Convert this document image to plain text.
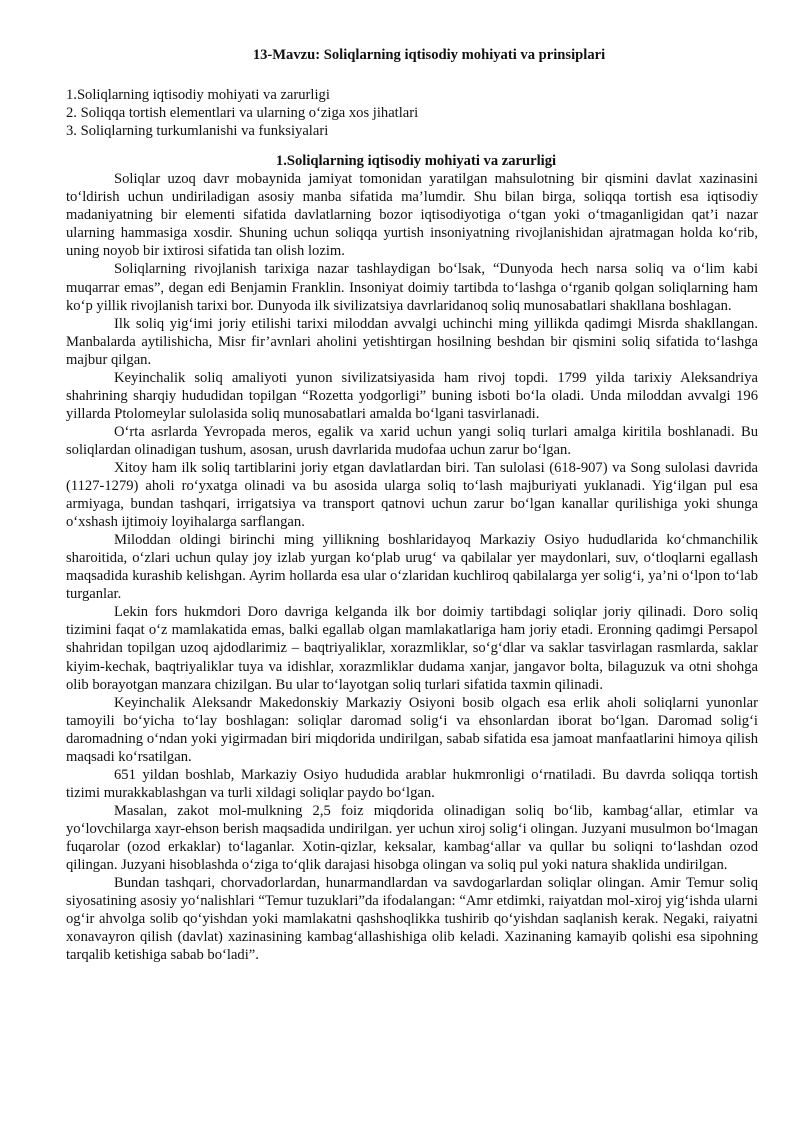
13-Mavzu: Soliqlarning iqtisodiy mohiyati va prinsiplari
1.Soliqlarning iqtisodiy mohiyati va zarurligi
2. Soliqqa tortish elementlari va ularning o‘ziga xos jihatlari
3. Soliqlarning turkumlanishi va funksiyalari
1.Soliqlarning iqtisodiy mohiyati va zarurligi

Soliqlar uzoq davr mobaynida jamiyat tomonidan yaratilgan mahsulotning bir qismini davlat xazinasini to‘ldirish uchun undiriladigan asosiy manba sifatida ma’lumdir. Shu bilan birga, soliqqa tortish esa iqtisodiy madaniyatning bir elementi sifatida davlatlarning bozor iqtisodiyotiga o‘tgan yoki o‘tmaganligidan qat’i nazar ularning hammasiga xosdir. Shuning uchun soliqqa yurtish insoniyatning rivojlanishidan ajratmagan holda ko‘rib, uning noyob bir ixtirosi sifatida tan olish lozim.

Soliqlarning rivojlanish tarixiga nazar tashlaydigan bo‘lsak, “Dunyoda hech narsa soliq va o‘lim kabi muqarrar emas”, degan edi Benjamin Franklin. Insoniyat doimiy tartibda to‘lashga o‘rganib qolgan soliqlarning ham ko‘p yillik rivojlanish tarixi bor. Dunyoda ilk sivilizatsiya davrlaridanoq soliq munosabatlari shakllana boshlagan.

Ilk soliq yig‘imi joriy etilishi tarixi miloddan avvalgi uchinchi ming yillikda qadimgi Misrda shakllangan. Manbalarda aytilishicha, Misr fir’avnlari aholini yetishtirgan hosilning beshdan bir qismini soliq sifatida to‘lashga majbur qilgan.

Keyinchalik soliq amaliyoti yunon sivilizatsiyasida ham rivoj topdi. 1799 yilda tarixiy Aleksandriya shahrining sharqiy hududidan topilgan “Rozetta yodgorligi” buning isboti bo‘la oladi. Unda miloddan avvalgi 196 yillarda Ptolomeylar sulolasida soliq munosabatlari amalda bo‘lgani tasvirlanadi.

O‘rta asrlarda Yevropada meros, egalik va xarid uchun yangi soliq turlari amalga kiritila boshlanadi. Bu soliqlardan olinadigan tushum, asosan, urush davrlarida mudofaa uchun zarur bo‘lgan.

Xitoy ham ilk soliq tartiblarini joriy etgan davlatlardan biri. Tan sulolasi (618-907) va Song sulolasi davrida (1127-1279) aholi ro‘yxatga olinadi va bu asosida ularga soliq to‘lash majburiyati yuklanadi. Yig‘ilgan pul esa armiyaga, bundan tashqari, irrigatsiya va transport qatnovi uchun zarur bo‘lgan kanallar qurilishiga yoki shunga o‘xshash ijtimoiy loyihalarga sarflangan.

Miloddan oldingi birinchi ming yillikning boshlaridayoq Markaziy Osiyo hududlarida ko‘chmanchilik sharoitida, o‘zlari uchun qulay joy izlab yurgan ko‘plab urug‘ va qabilalar yer maydonlari, suv, o‘tloqlarni egallash maqsadida kurashib kelishgan. Ayrim hollarda esa ular o‘zlaridan kuchliroq qabilalarga yer solig‘i, ya’ni o‘lpon to‘lab turganlar.

Lekin fors hukmdori Doro davriga kelganda ilk bor doimiy tartibdagi soliqlar joriy qilinadi. Doro soliq tizimini faqat o‘z mamlakatida emas, balki egallab olgan mamlakatlariga ham joriy etadi. Eronning qadimgi Persapol shahridan topilgan uzoq ajdodlarimiz – baqtriyaliklar, xorazmliklar, so‘g‘dlar va saklar tasvirlagan rasmlarda, saklar kiyim-kechak, baqtriyaliklar tuya va idishlar, xorazmliklar dudama xanjar, jangavor bolta, bilaguzuk va otni shohga olib borayotgan manzara chizilgan. Bu ular to‘layotgan soliq turlari sifatida taxmin qilinadi.

Keyinchalik Aleksandr Makedonskiy Markaziy Osiyoni bosib olgach esa erlik aholi soliqlarni yunonlar tamoyili bo‘yicha to‘lay boshlagan: soliqlar daromad solig‘i va ehsonlardan iborat bo‘lgan. Daromad solig‘i daromadning o‘ndan yoki yigirmadan biri miqdorida undirilgan, sabab sifatida esa jamoat manfaatlarini himoya qilish maqsadi ko‘rsatilgan.

651 yildan boshlab, Markaziy Osiyo hududida arablar hukmronligi o‘rnatiladi. Bu davrda soliqqa tortish tizimi murakkablashgan va turli xildagi soliqlar paydo bo‘lgan.

Masalan, zakot mol-mulkning 2,5 foiz miqdorida olinadigan soliq bo‘lib, kambag‘allar, etimlar va yo‘lovchilarga xayr-ehson berish maqsadida undirilgan. yer uchun xiroj solig‘i olingan. Juzyani musulmon bo‘lmagan fuqarolar (ozod erkaklar) to‘laganlar. Xotin-qizlar, keksalar, kambag‘allar va qullar bu soliqni to‘lashdan ozod qilingan. Juzyani hisoblashda o‘ziga to‘qlik darajasi hisobga olingan va soliq pul yoki natura shaklida undirilgan.

Bundan tashqari, chorvadorlardan, hunarmandlardan va savdogarlardan soliqlar olingan. Amir Temur soliq siyosatining asosiy yo‘nalishlari “Temur tuzuklari”da ifodalangan: “Amr etdimki, raiyatdan mol-xiroj yig‘ishda ularni og‘ir ahvolga solib qo‘yishdan yoki mamlakatni qashshoqlikka tushirib qo‘yishdan saqlanish kerak. Negaki, raiyatni xonavayron qilish (davlat) xazinasining kambag‘allashishiga olib keladi. Xazinaning kamayib qolishi esa sipohning tarqalib ketishiga sabab bo‘ladi”.
